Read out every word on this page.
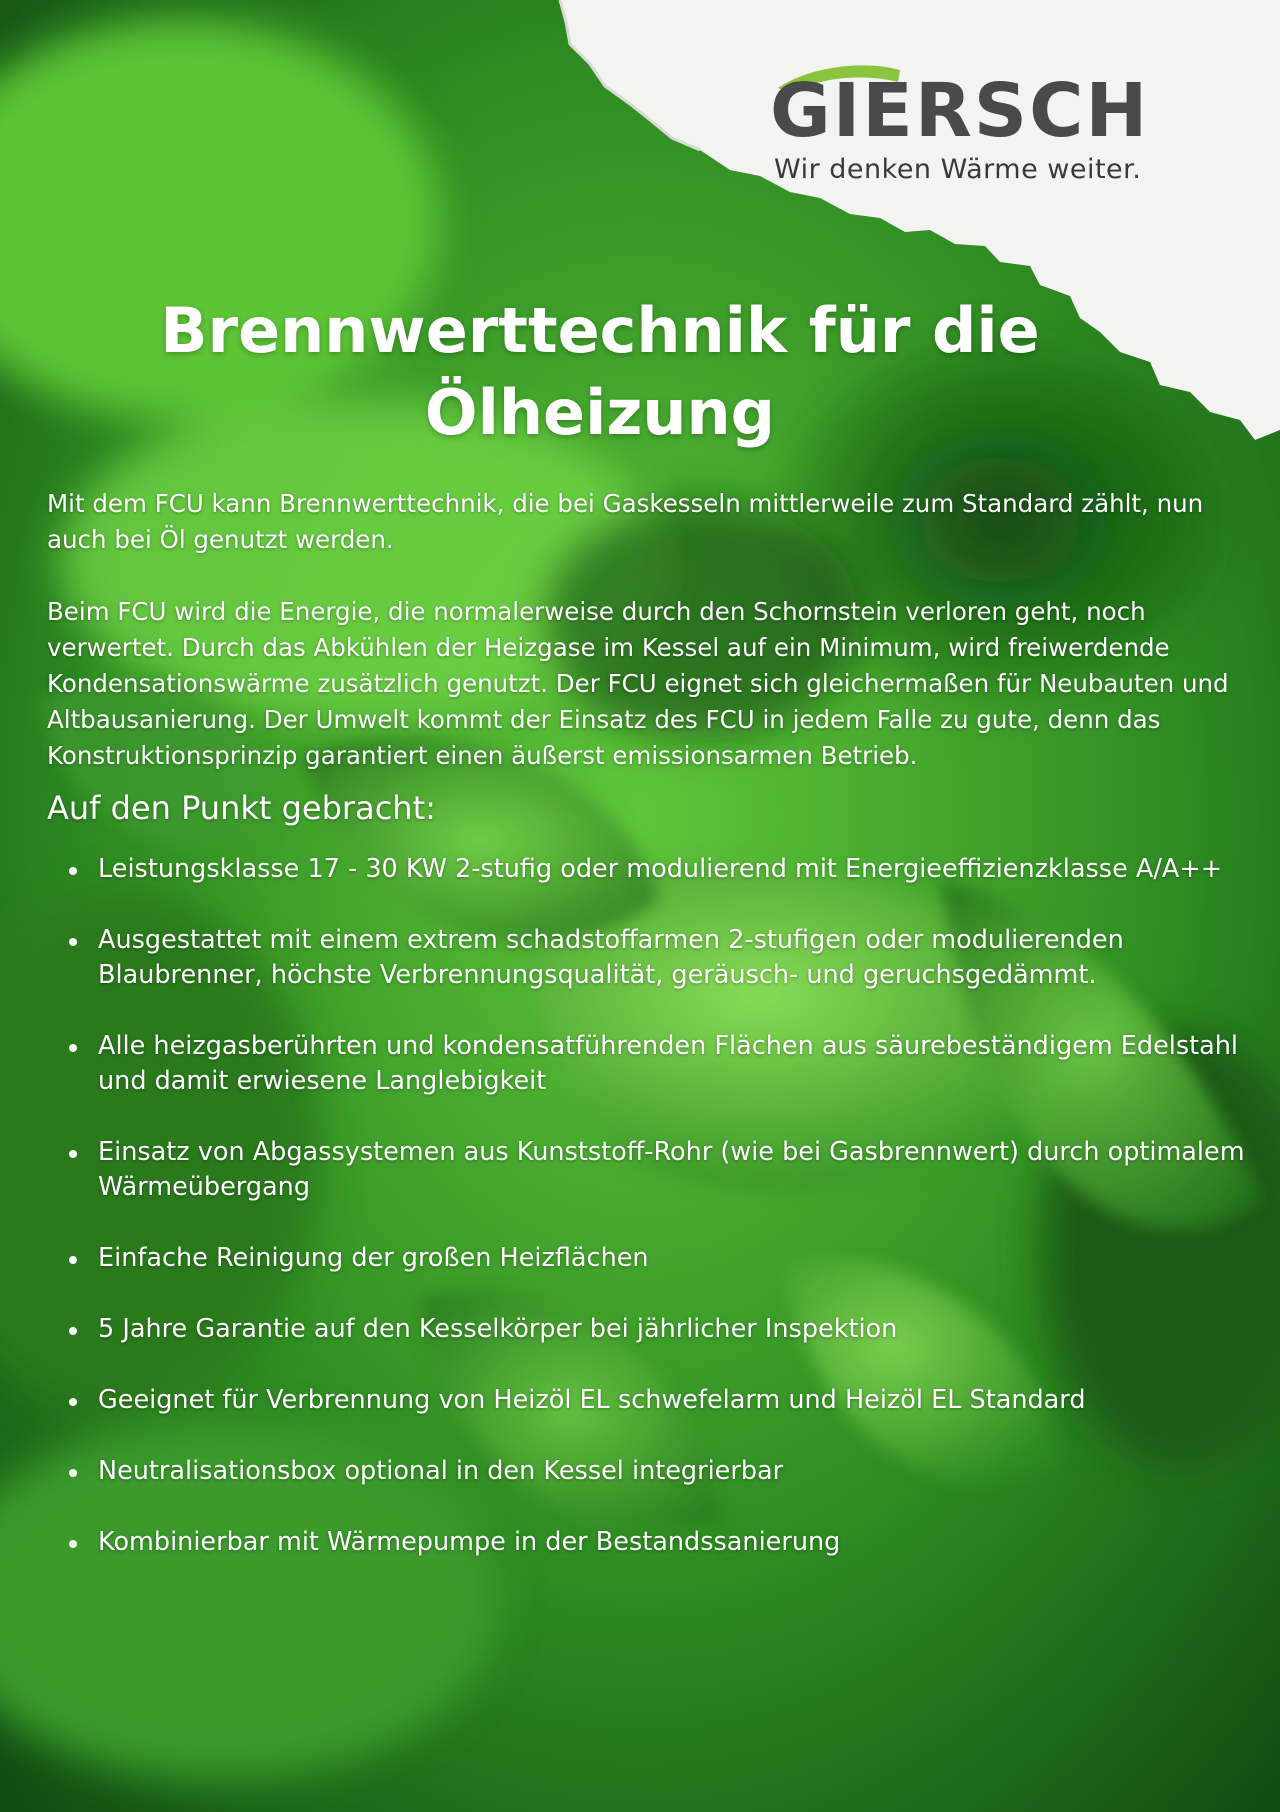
GIERSCH
Wir denken Wärme weiter.
Brennwerttechnik für die
Ölheizung

Mit dem FCU kann Brennwerttechnik, die bei Gaskesseln mittlerweile zum Standard zählt, nun auch bei Öl genutzt werden.

Beim FCU wird die Energie, die normalerweise durch den Schornstein verloren geht, noch verwertet. Durch das Abkühlen der Heizgase im Kessel auf ein Minimum, wird freiwerdende Kondensationswärme zusätzlich genutzt. Der FCU eignet sich gleichermaßen für Neubauten und Altbausanierung. Der Umwelt kommt der Einsatz des FCU in jedem Falle zu gute, denn das Konstruktionsprinzip garantiert einen äußerst emissionsarmen Betrieb.

Auf den Punkt gebracht:
Leistungsklasse 17 - 30 KW 2-stufig oder modulierend mit Energieeffizienzklasse A/A++
Ausgestattet mit einem extrem schadstoffarmen 2-stufigen oder modulierenden Blaubrenner, höchste Verbrennungsqualität, geräusch- und geruchsgedämmt.
Alle heizgasberührten und kondensatführenden Flächen aus säurebeständigem Edelstahl und damit erwiesene Langlebigkeit
Einsatz von Abgassystemen aus Kunststoff-Rohr (wie bei Gasbrennwert) durch optimalem Wärmeübergang
Einfache Reinigung der großen Heizflächen
5 Jahre Garantie auf den Kesselkörper bei jährlicher Inspektion
Geeignet für Verbrennung von Heizöl EL schwefelarm und Heizöl EL Standard
Neutralisationsbox optional in den Kessel integrierbar
Kombinierbar mit Wärmepumpe in der Bestandssanierung
